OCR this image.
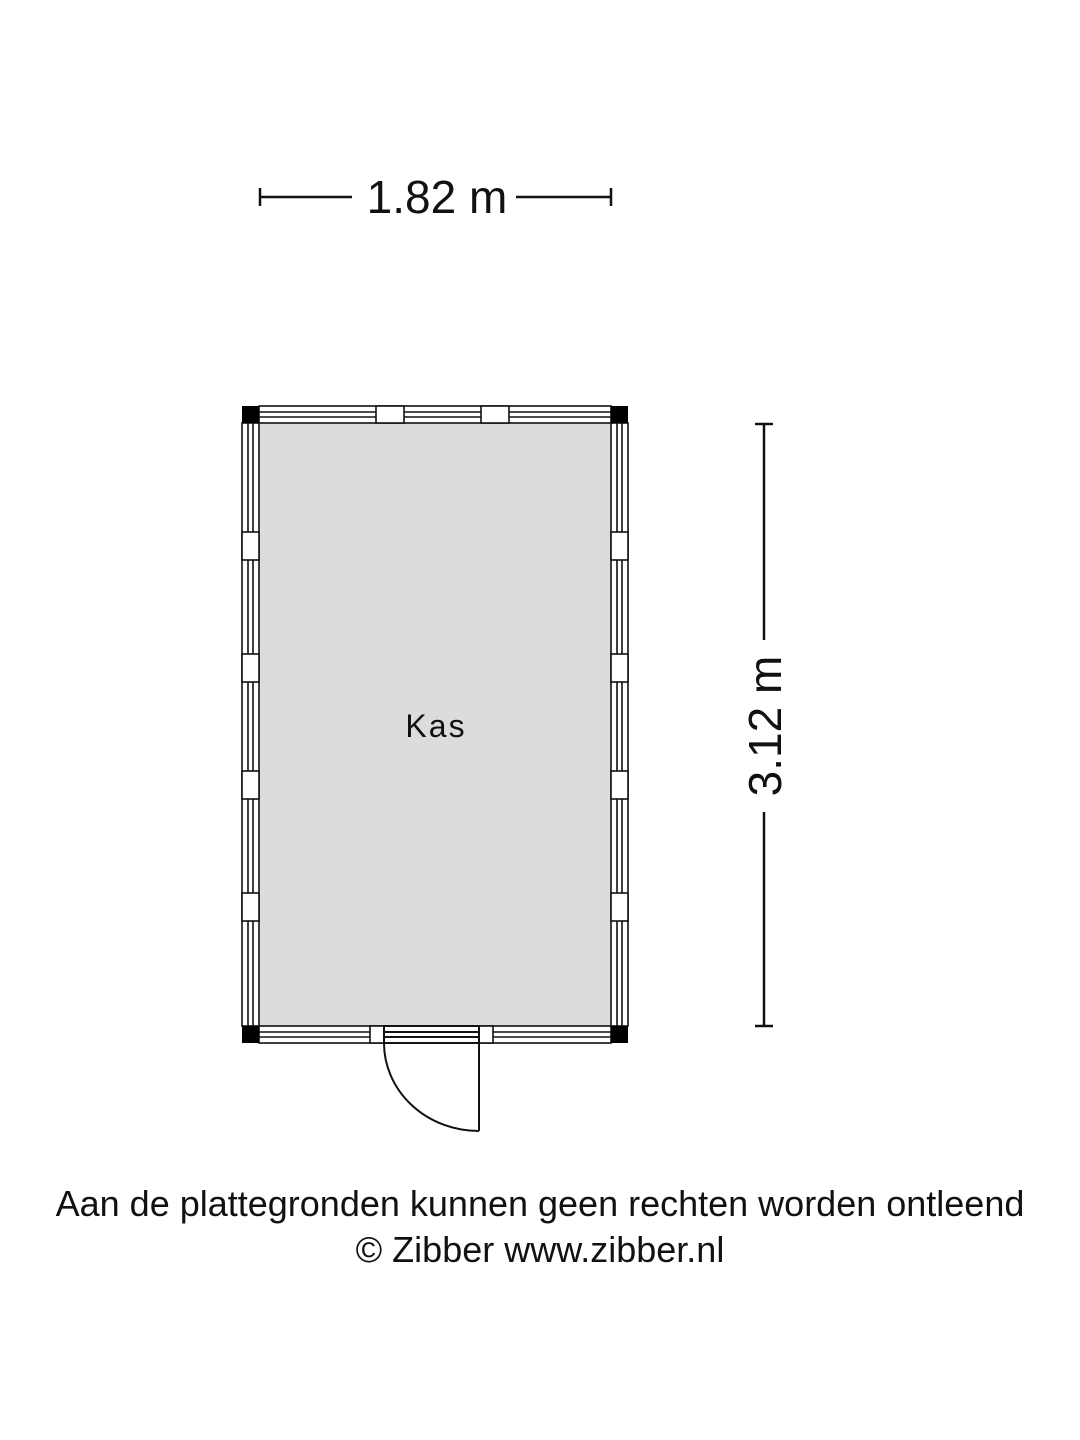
1.82 m
3.12 m
Kas
Aan de plattegronden kunnen geen rechten worden ontleend
© Zibber www.zibber.nl
